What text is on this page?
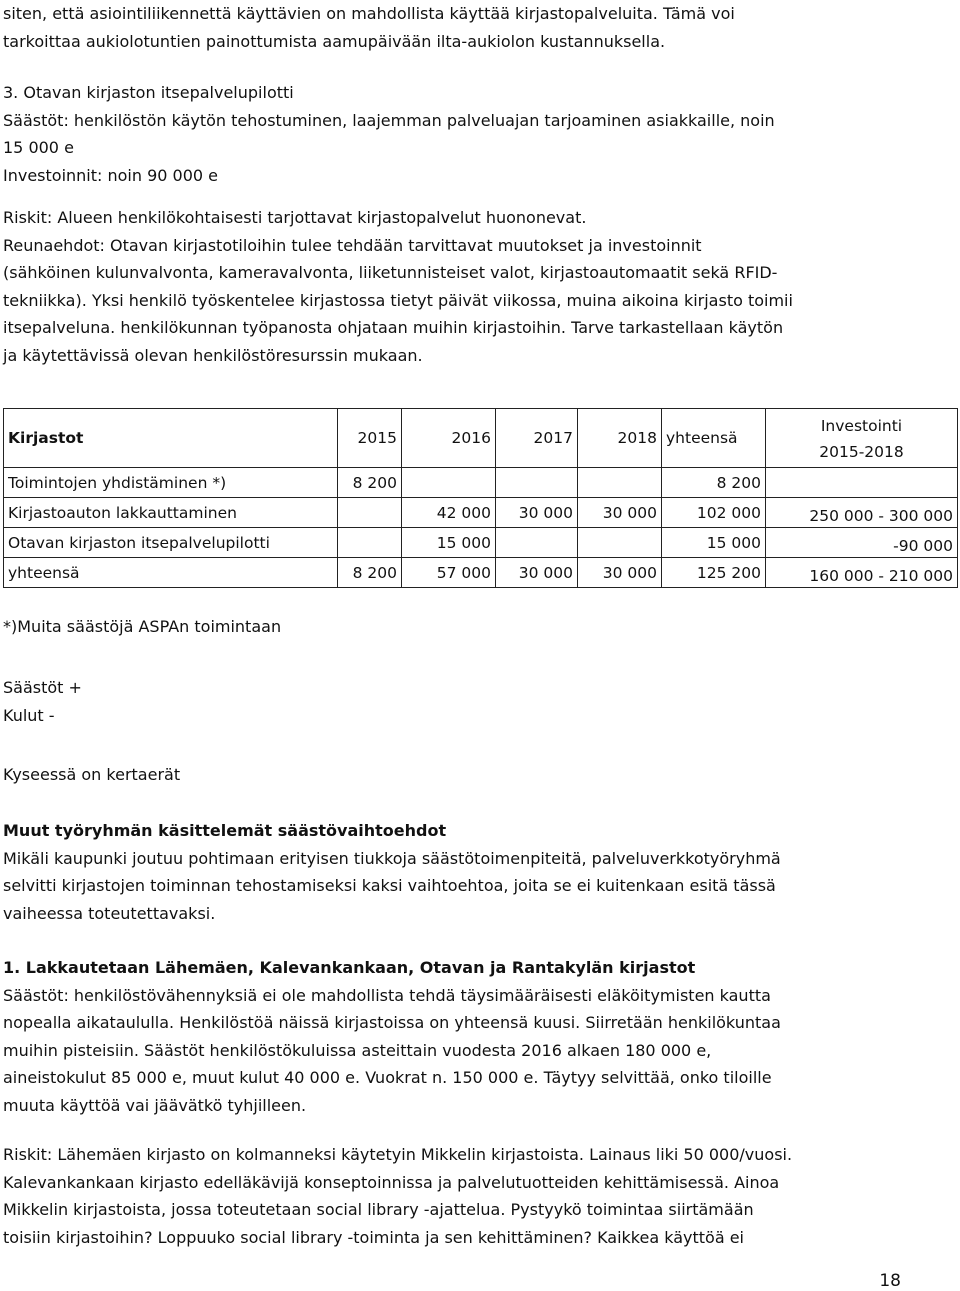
siten, että asiointiliikennettä käyttävien on mahdollista käyttää kirjastopalveluita. Tämä voi
tarkoittaa aukiolotuntien painottumista aamupäivään ilta-aukiolon kustannuksella.
3. Otavan kirjaston itsepalvelupilotti
Säästöt: henkilöstön käytön tehostuminen, laajemman palveluajan tarjoaminen asiakkaille, noin
15 000 e
Investoinnit: noin 90 000 e
Riskit: Alueen henkilökohtaisesti tarjottavat kirjastopalvelut huononevat.
Reunaehdot: Otavan kirjastotiloihin tulee tehdään tarvittavat muutokset ja investoinnit
(sähköinen kulunvalvonta, kameravalvonta, liiketunnisteiset valot, kirjastoautomaatit sekä RFID-
tekniikka). Yksi henkilö työskentelee kirjastossa tietyt päivät viikossa, muina aikoina kirjasto toimii
itsepalveluna. henkilökunnan työpanosta ohjataan muihin kirjastoihin. Tarve tarkastellaan käytön
ja käytettävissä olevan henkilöstöresurssin mukaan.
Kirjastot	2015	2016	2017	2018	yhteensä	Investointi
2015-2018

Toimintojen yhdistäminen *)	8 200				8 200	
Kirjastoauton lakkauttaminen		42 000	30 000	30 000	102 000	250 000 - 300 000
Otavan kirjaston itsepalvelupilotti		15 000			15 000	-90 000
yhteensä	8 200	57 000	30 000	30 000	125 200	160 000 - 210 000
*)Muita säästöjä ASPAn toimintaan
Säästöt +
Kulut -
Kyseessä on kertaerät
Muut työryhmän käsittelemät säästövaihtoehdot
Mikäli kaupunki joutuu pohtimaan erityisen tiukkoja säästötoimenpiteitä, palveluverkkotyöryhmä
selvitti kirjastojen toiminnan tehostamiseksi kaksi vaihtoehtoa, joita se ei kuitenkaan esitä tässä
vaiheessa toteutettavaksi.
1. Lakkautetaan Lähemäen, Kalevankankaan, Otavan ja Rantakylän kirjastot
Säästöt: henkilöstövähennyksiä ei ole mahdollista tehdä täysimääräisesti eläköitymisten kautta
nopealla aikataululla. Henkilöstöä näissä kirjastoissa on yhteensä kuusi. Siirretään henkilökuntaa
muihin pisteisiin. Säästöt henkilöstökuluissa asteittain vuodesta 2016 alkaen 180 000 e,
aineistokulut 85 000 e, muut kulut 40 000 e. Vuokrat n. 150 000 e. Täytyy selvittää, onko tiloille
muuta käyttöä vai jäävätkö tyhjilleen.
Riskit: Lähemäen kirjasto on kolmanneksi käytetyin Mikkelin kirjastoista. Lainaus liki 50 000/vuosi.
Kalevankankaan kirjasto edelläkävijä konseptoinnissa ja palvelutuotteiden kehittämisessä. Ainoa
Mikkelin kirjastoista, jossa toteutetaan social library -ajattelua. Pystyykö toimintaa siirtämään
toisiin kirjastoihin? Loppuuko social library -toiminta ja sen kehittäminen? Kaikkea käyttöä ei
18
